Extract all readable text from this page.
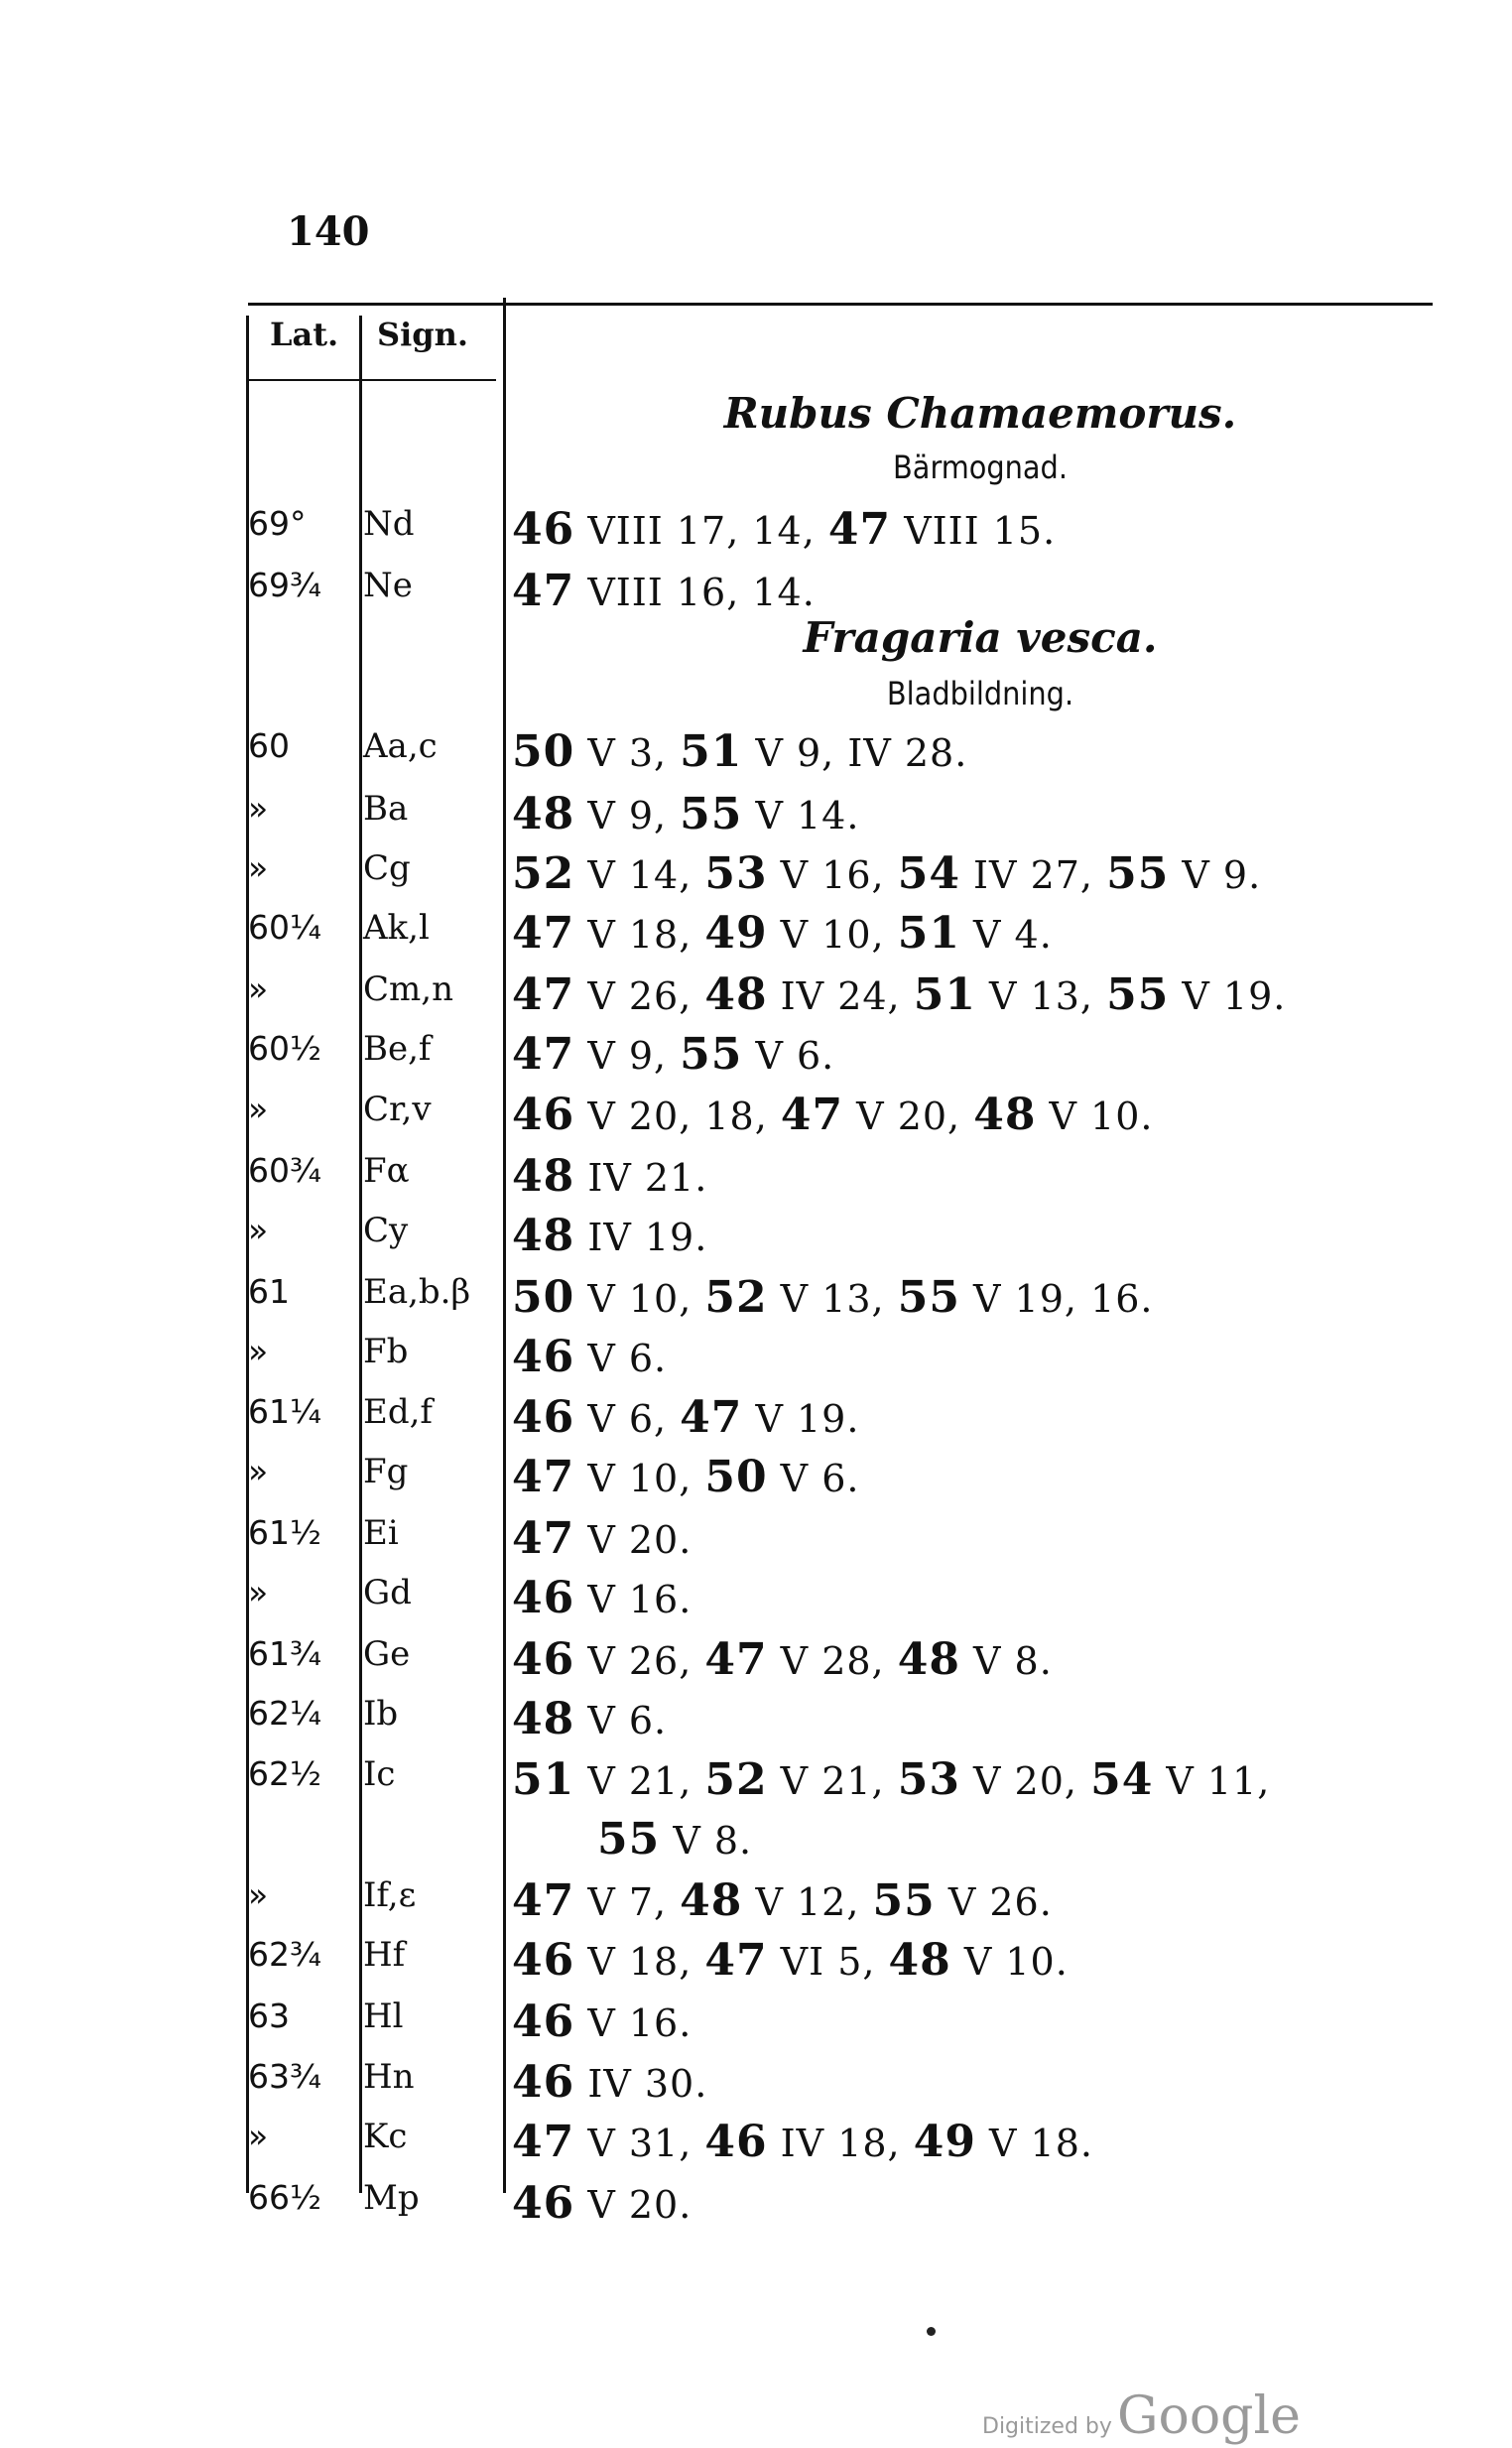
140
Lat. Sign.
Rubus Chamaemorus.
Bärmognad.
Fragaria vesca.
Bladbildning.
69° Nd 46 VIII 17, 14, 47 VIII 15.
69¾ Ne 47 VIII 16, 14.
60 Aa,c 50 V 3, 51 V 9, IV 28.
»	Ba 48 V 9, 55 V 14.
»	Cg 52 V 14, 53 V 16, 54 IV 27, 55 V 9.
60¼ Ak,l 47 V 18, 49 V 10, 51 V 4.
»	Cm,n 47 V 26, 48 IV 24, 51 V 13, 55 V 19.
60½ Be,f 47 V 9, 55 V 6.
»	Cr,v 46 V 20, 18, 47 V 20, 48 V 10.
60¾ Fα 48 IV 21.
»	Cy 48 IV 19.
61 Ea,b.β 50 V 10, 52 V 13, 55 V 19, 16.
»	Fb 46 V 6.
61¼ Ed,f 46 V 6, 47 V 19.
»	Fg 47 V 10, 50 V 6.
61½ Ei	47 V 20.
»	Gd 46 V 16.
61¾ Ge 46 V 26, 47 V 28, 48 V 8.
62¼ Ib	48 V 6.
62½ Ic	51 V 21, 52 V 21, 53 V 20, 54 V 11,
55 V 8.
»	If,ε 47 V 7, 48 V 12, 55 V 26.
62¾ Hf 46 V 18, 47 VI 5, 48 V 10.
63 Hl 46 V 16.
63¾ Hn 46 IV 30.
»	Kc 47 V 31, 46 IV 18, 49 V 18.
66½ Mp 46 V 20.
Digitized by Google
